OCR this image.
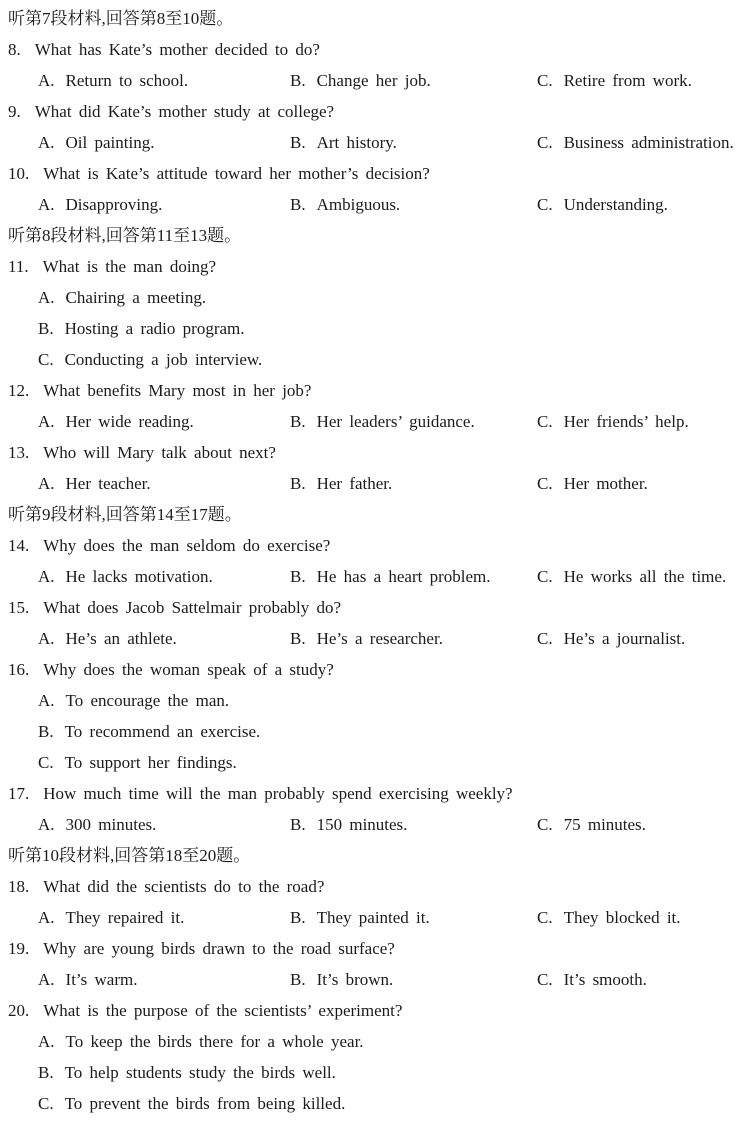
听第7段材料,回答第8至10题。
8. What has Kate’s mother decided to do?
A. Return to school.	B. Change her job.	C. Retire from work.
9. What did Kate’s mother study at college?
A. Oil painting.	B. Art history.	C. Business administration.
10. What is Kate’s attitude toward her mother’s decision?
A. Disapproving.	B. Ambiguous.	C. Understanding.
听第8段材料,回答第11至13题。
11. What is the man doing?
A. Chairing a meeting.
B. Hosting a radio program.
C. Conducting a job interview.
12. What benefits Mary most in her job?
A. Her wide reading.	B. Her leaders’ guidance.	C. Her friends’ help.
13. Who will Mary talk about next?
A. Her teacher.	B. Her father.	C. Her mother.
听第9段材料,回答第14至17题。
14. Why does the man seldom do exercise?
A. He lacks motivation.	B. He has a heart problem.	C. He works all the time.
15. What does Jacob Sattelmair probably do?
A. He’s an athlete.	B. He’s a researcher.	C. He’s a journalist.
16. Why does the woman speak of a study?
A. To encourage the man.
B. To recommend an exercise.
C. To support her findings.
17. How much time will the man probably spend exercising weekly?
A. 300 minutes.	B. 150 minutes.	C. 75 minutes.
听第10段材料,回答第18至20题。
18. What did the scientists do to the road?
A. They repaired it.	B. They painted it.	C. They blocked it.
19. Why are young birds drawn to the road surface?
A. It’s warm.	B. It’s brown.	C. It’s smooth.
20. What is the purpose of the scientists’ experiment?
A. To keep the birds there for a whole year.
B. To help students study the birds well.
C. To prevent the birds from being killed.
